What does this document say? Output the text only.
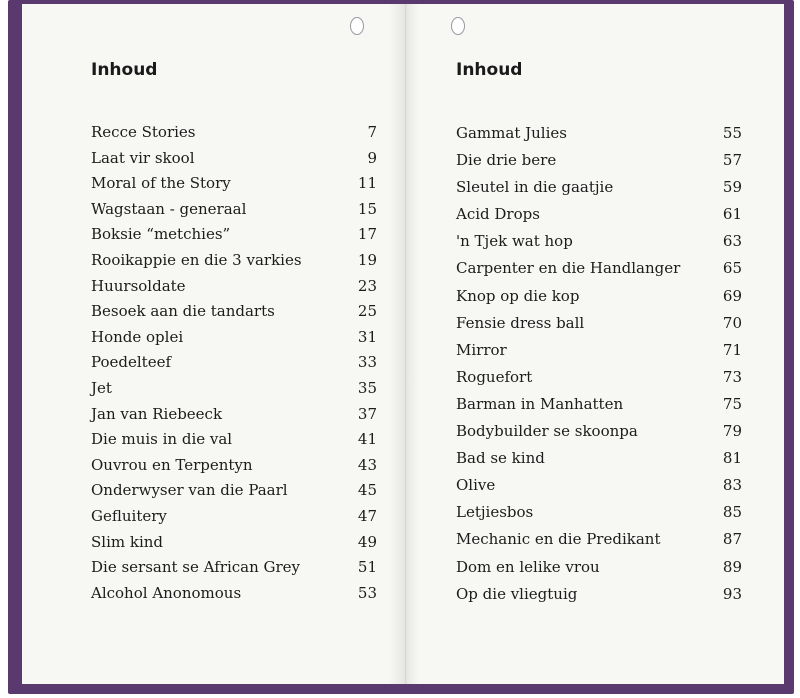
Inhoud
Recce Stories	7
Laat vir skool	9
Moral of the Story	11
Wagstaan - generaal	15
Boksie “metchies”	17
Rooikappie en die 3 varkies	19
Huursoldate	23
Besoek aan die tandarts	25
Honde oplei	31
Poedelteef	33
Jet	35
Jan van Riebeeck	37
Die muis in die val	41
Ouvrou en Terpentyn	43
Onderwyser van die Paarl	45
Gefluitery	47
Slim kind	49
Die sersant se African Grey	51
Alcohol Anonomous	53
Inhoud
Gammat Julies	55
Die drie bere	57
Sleutel in die gaatjie	59
Acid Drops	61
'n Tjek wat hop	63
Carpenter en die Handlanger	65
Knop op die kop	69
Fensie dress ball	70
Mirror	71
Roguefort	73
Barman in Manhatten	75
Bodybuilder se skoonpa	79
Bad se kind	81
Olive	83
Letjiesbos	85
Mechanic en die Predikant	87
Dom en lelike vrou	89
Op die vliegtuig	93
